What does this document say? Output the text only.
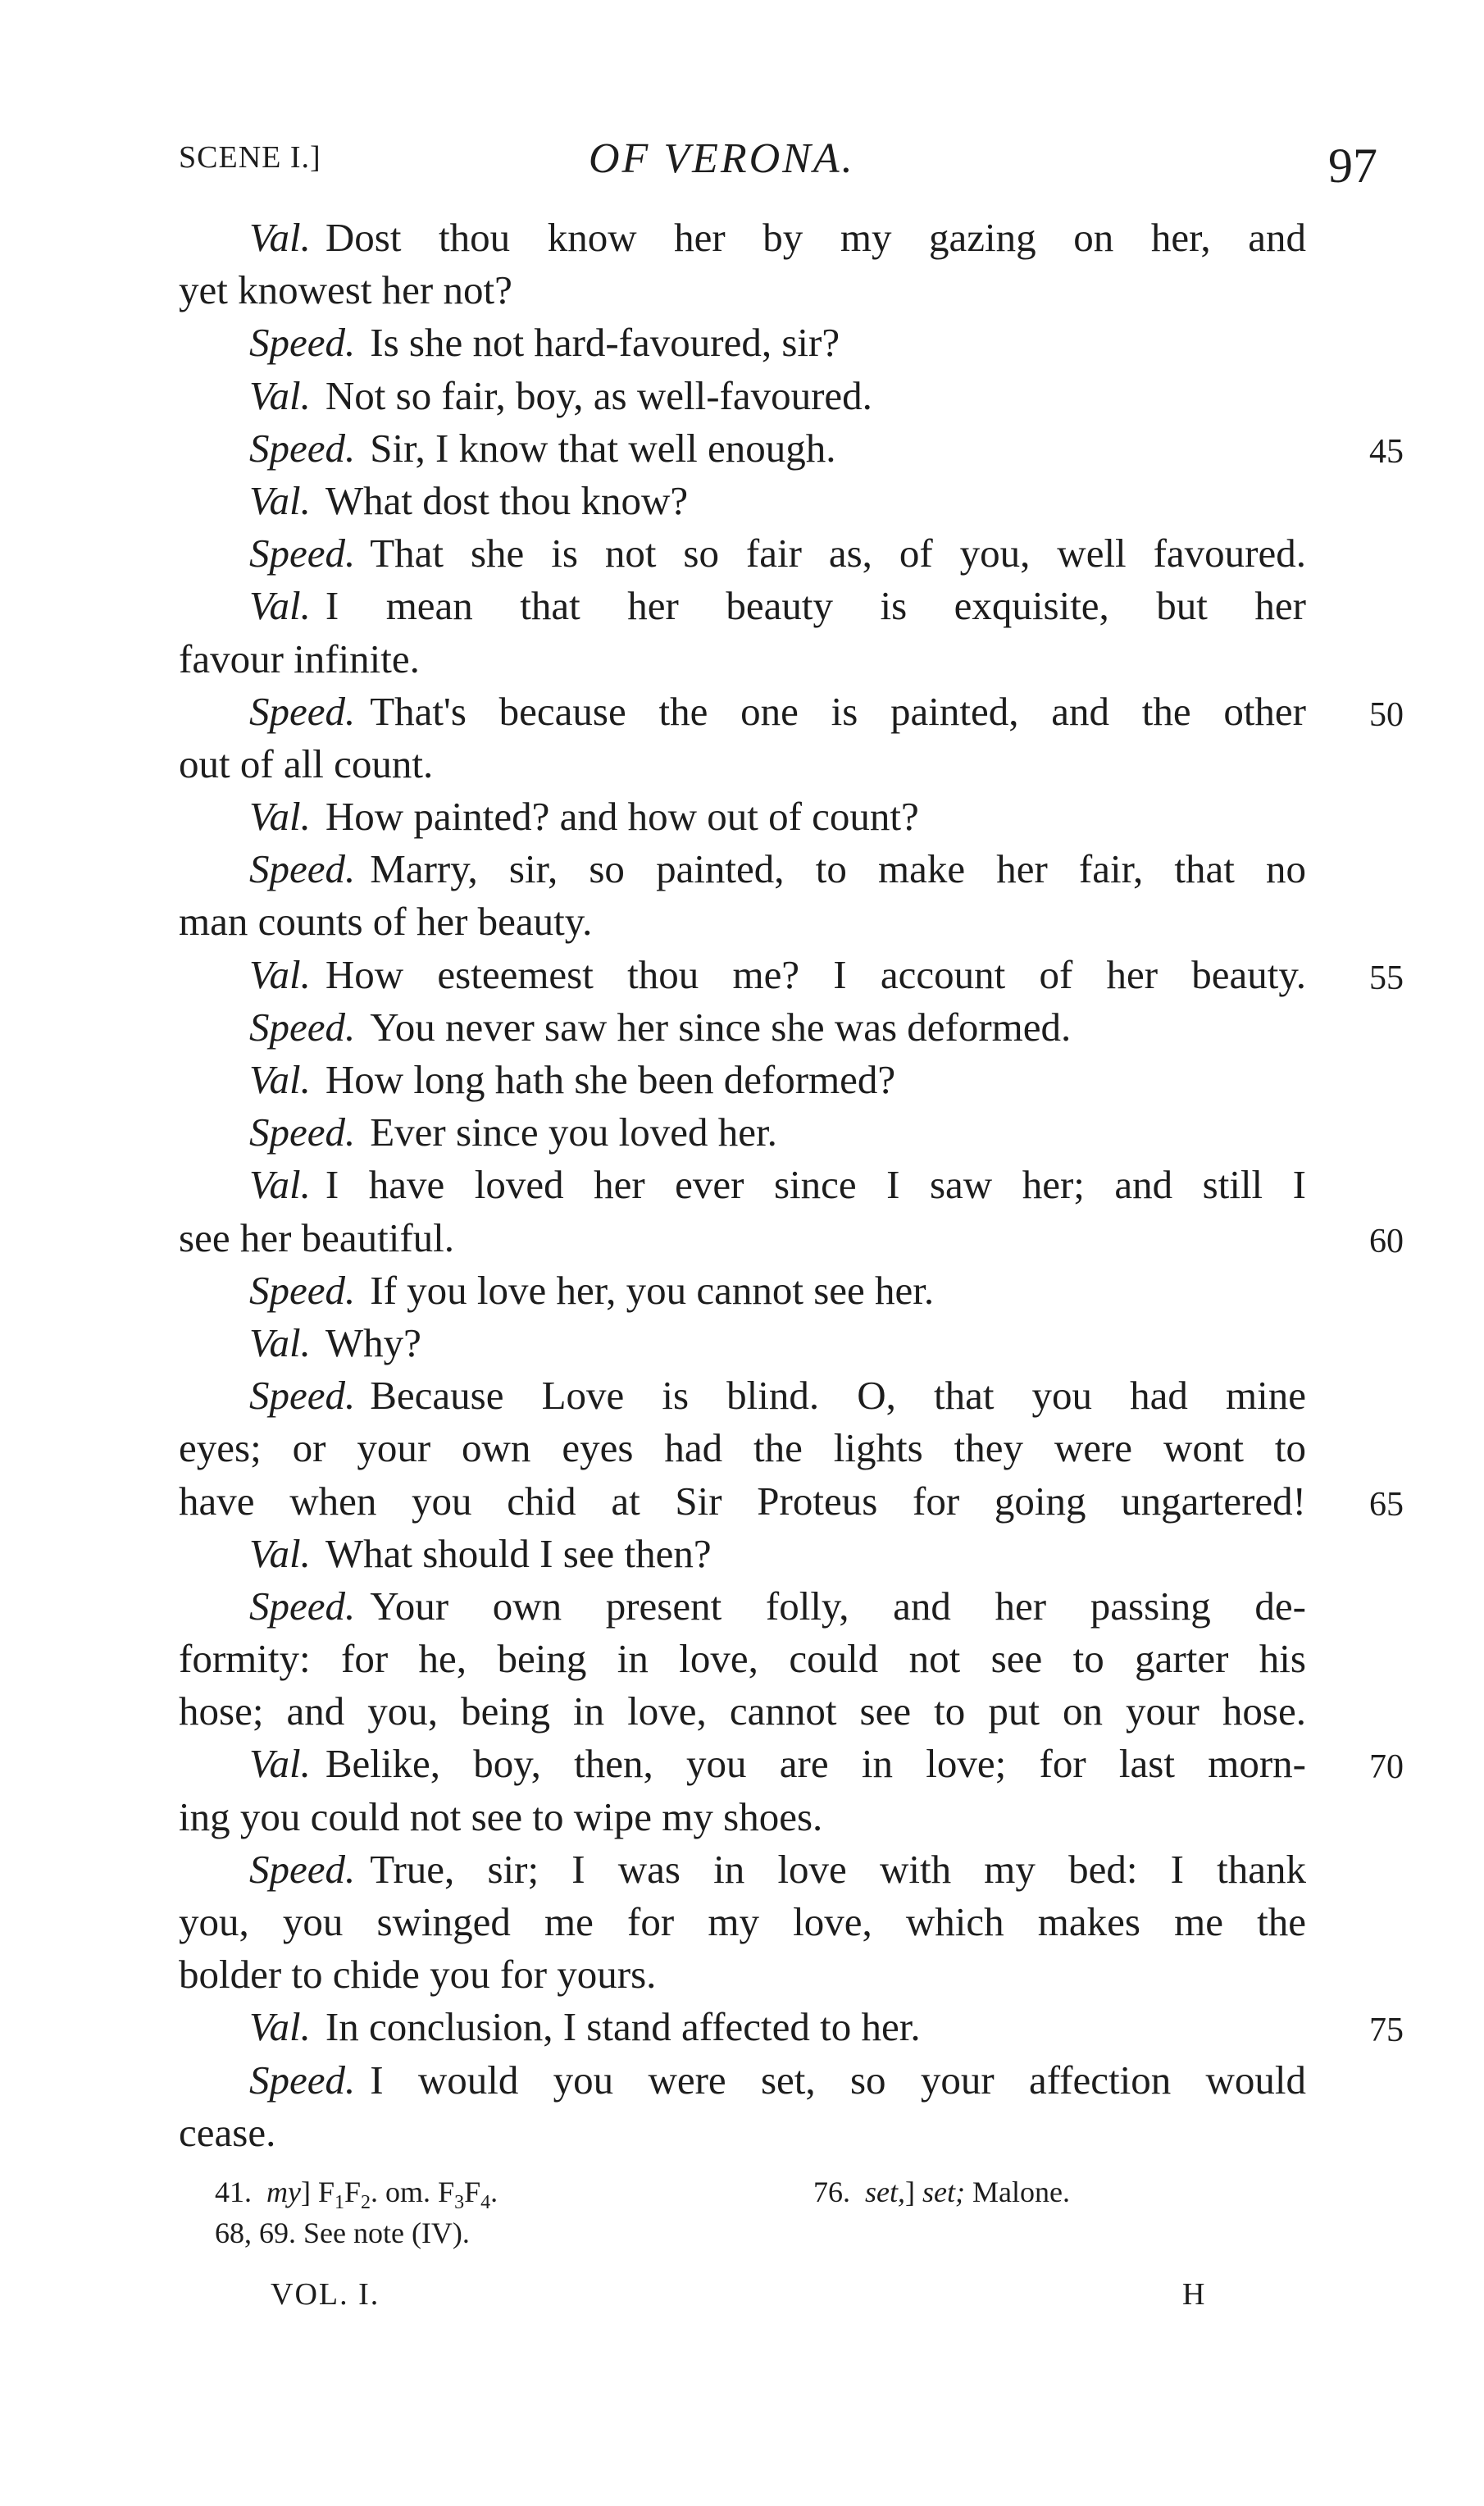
SCENE I.]	OF VERONA.	97
Val. Dost thou know her by my gazing on her, and
yet knowest her not?
Speed. Is she not hard-favoured, sir?
Val. Not so fair, boy, as well-favoured.
Speed. Sir, I know that well enough.	45
Val. What dost thou know?
Speed. That she is not so fair as, of you, well favoured.
Val. I mean that her beauty is exquisite, but her
favour infinite.
Speed. That's because the one is painted, and the other 50
out of all count.
Val. How painted? and how out of count?
Speed. Marry, sir, so painted, to make her fair, that no
man counts of her beauty.
Val. How esteemest thou me? I account of her beauty. 55
Speed. You never saw her since she was deformed.
Val. How long hath she been deformed?
Speed. Ever since you loved her.
Val. I have loved her ever since I saw her; and still I
see her beautiful.	60
Speed. If you love her, you cannot see her.
Val. Why?
Speed. Because Love is blind. O, that you had mine
eyes; or your own eyes had the lights they were wont to
have when you chid at Sir Proteus for going ungartered! 65
Val. What should I see then?
Speed. Your own present folly, and her passing de-
formity: for he, being in love, could not see to garter his
hose; and you, being in love, cannot see to put on your hose.
Val. Belike, boy, then, you are in love; for last morn- 70
ing you could not see to wipe my shoes.
Speed. True, sir; I was in love with my bed: I thank
you, you swinged me for my love, which makes me the
bolder to chide you for yours.
Val. In conclusion, I stand affected to her.	75
Speed. I would you were set, so your affection would
cease.
41. my] $F_1F_2$. om. $F_3F_4$.	76. set,] set; Malone.
68, 69. See note (IV).
VOL. I.	H
